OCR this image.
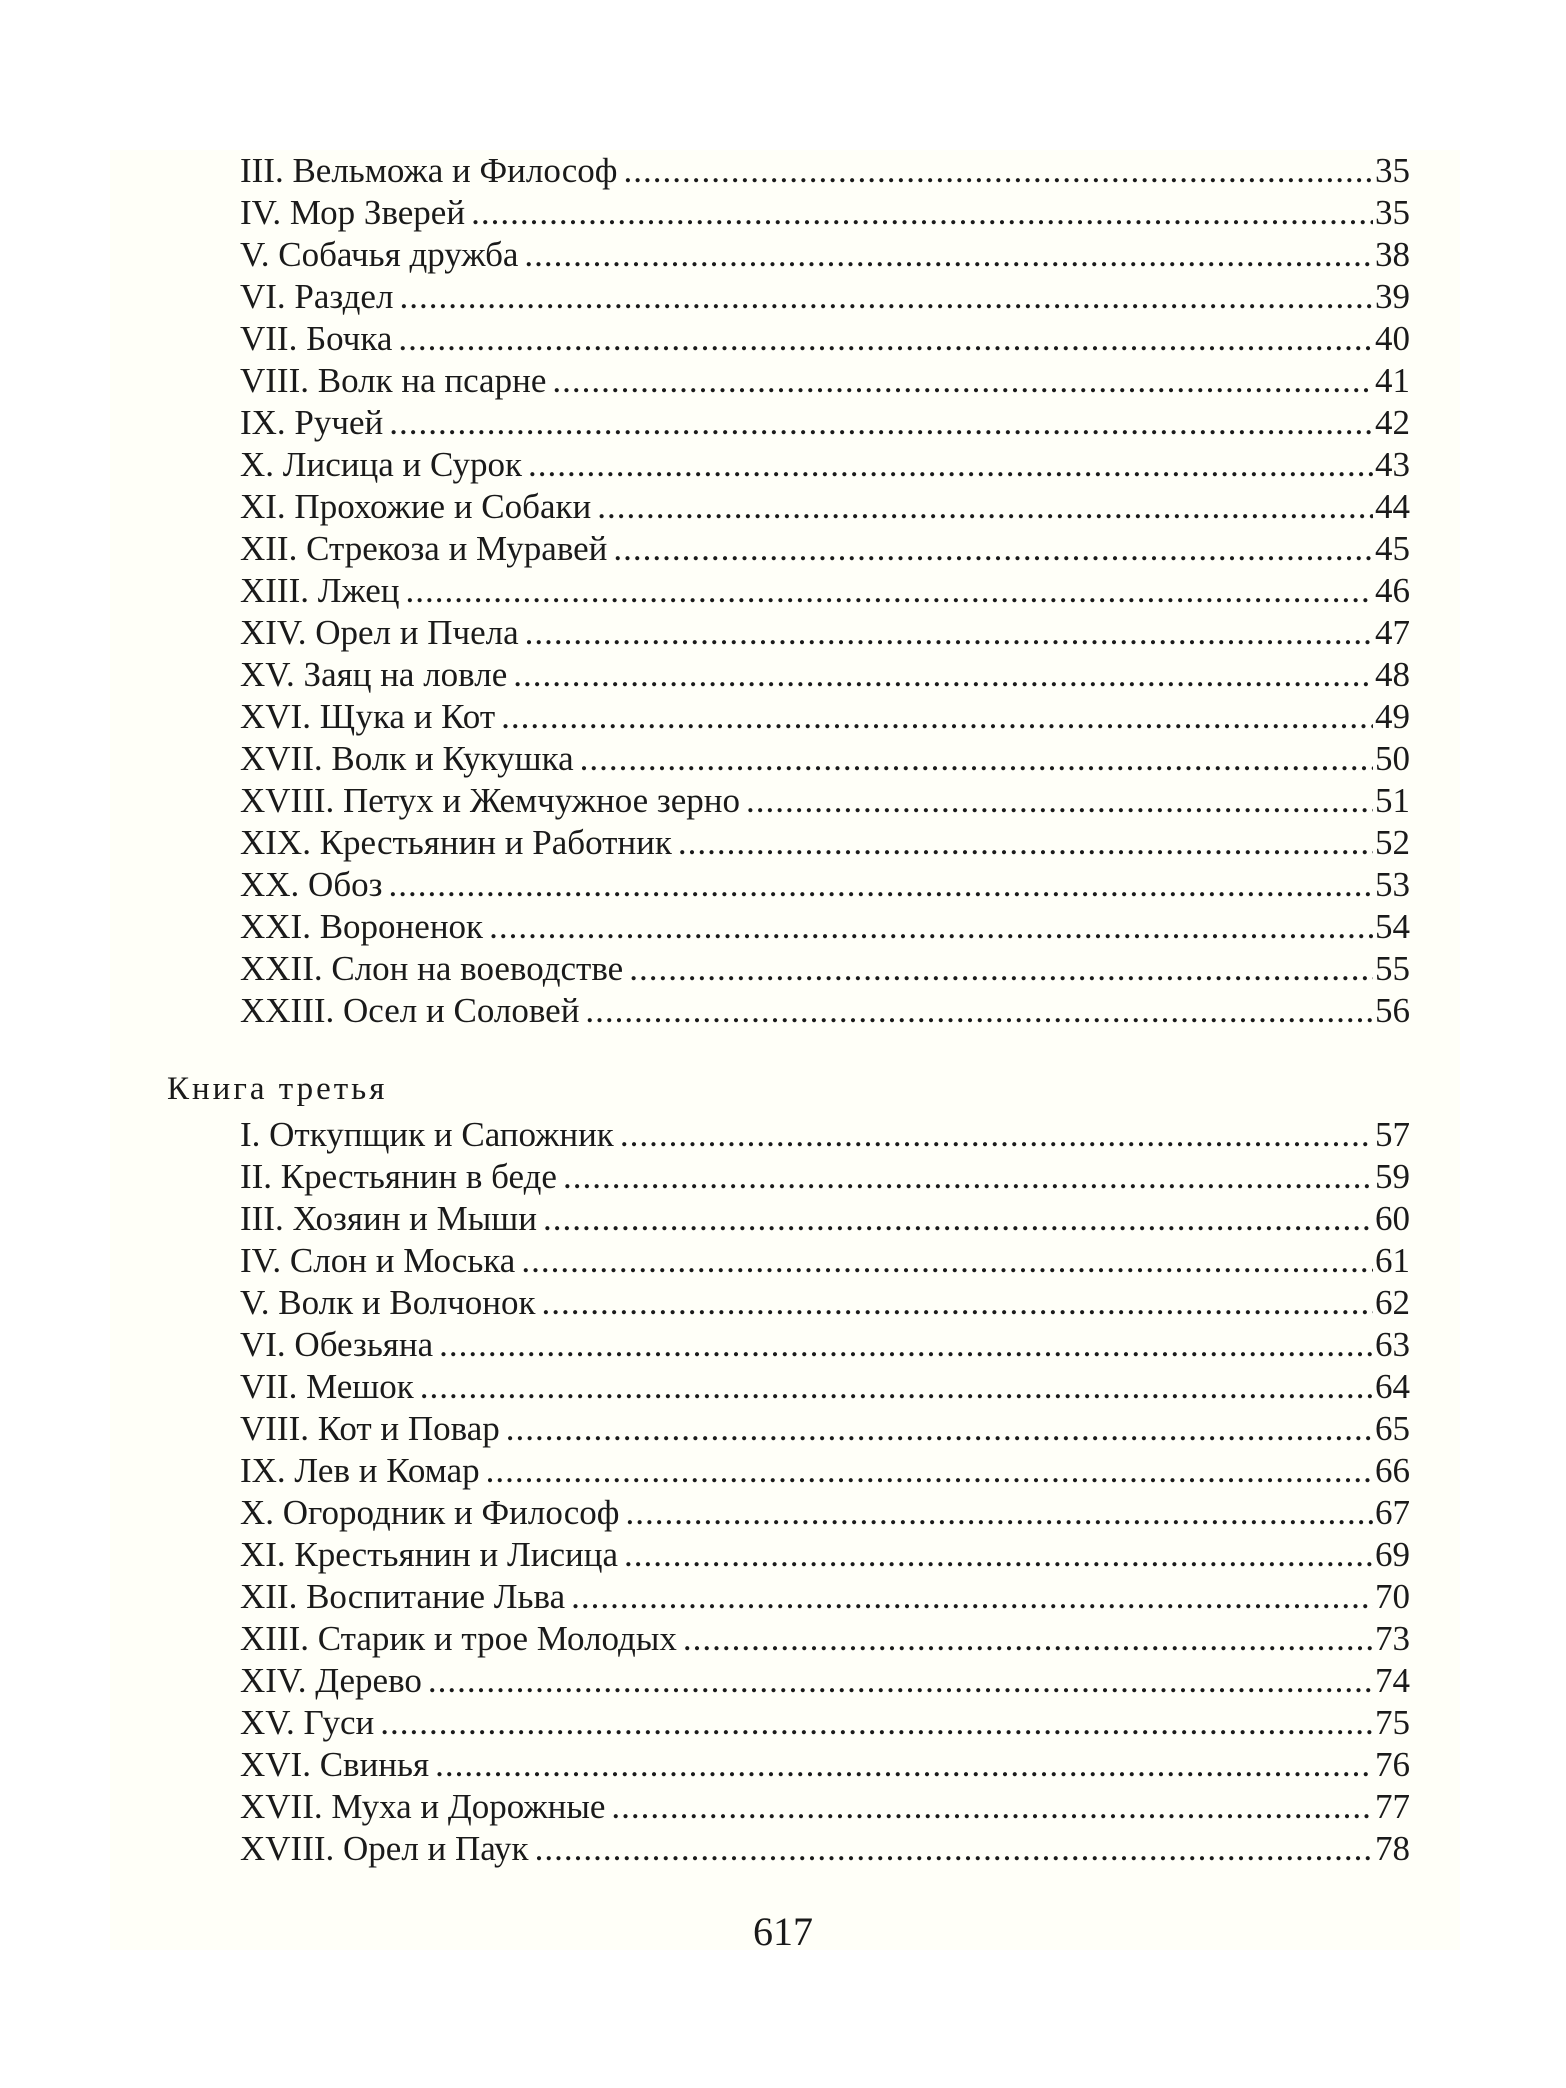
Книга третья
617
III. Вельможа и Философ .....	35
IV. Мор Зверей .....	35
V. Собачья дружба .....	38
VI. Раздел .....	39
VII. Бочка .....	40
VIII. Волк на псарне .....	41
IX. Ручей .....	42
X. Лисица и Сурок .....	43
XI. Прохожие и Собаки .....	44
XII. Стрекоза и Муравей .....	45
XIII. Лжец .....	46
XIV. Орел и Пчела .....	47
XV. Заяц на ловле .....	48
XVI. Щука и Кот .....	49
XVII. Волк и Кукушка .....	50
XVIII. Петух и Жемчужное зерно .....	51
XIX. Крестьянин и Работник .....	52
XX. Обоз .....	53
XXI. Вороненок .....	54
XXII. Слон на воеводстве .....	55
XXIII. Осел и Соловей .....	56
I. Откупщик и Сапожник .....	57
II. Крестьянин в беде .....	59
III. Хозяин и Мыши .....	60
IV. Слон и Моська .....	61
V. Волк и Волчонок .....	62
VI. Обезьяна .....	63
VII. Мешок .....	64
VIII. Кот и Повар .....	65
IX. Лев и Комар .....	66
X. Огородник и Философ .....	67
XI. Крестьянин и Лисица .....	69
XII. Воспитание Льва .....	70
XIII. Старик и трое Молодых .....	73
XIV. Дерево .....	74
XV. Гуси .....	75
XVI. Свинья .....	76
XVII. Муха и Дорожные .....	77
XVIII. Орел и Паук .....	78
